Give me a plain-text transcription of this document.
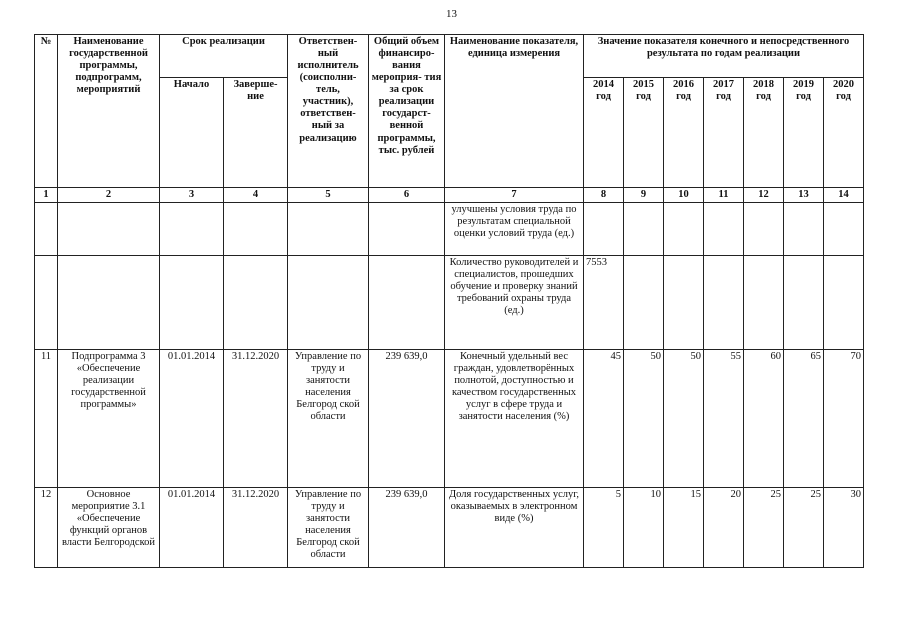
13
№	Наименование государственной программы, подпрограмм, мероприятий	Срок реализации		Ответствен- ный исполнитель (соисполни- тель, участник), ответствен- ный за реализацию	Общий объем финансиро- вания мероприя- тия за срок реализации государст- венной программы, тыс. рублей	Наименование показателя, единица измерения	Значение показателя конечного и непосредственного результата по годам реализации						
		Начало	Заверше- ние				2014 год	2015 год	2016 год	2017 год	2018 год	2019 год	2020 год
1	2	3	4	5	6	7	8	9	10	11	12	13	14
						улучшены условия труда по результатам специальной оценки условий труда (ед.)							
						Количество руководителей и специалистов, прошедших обучение и проверку знаний требований охраны труда (ед.)	7553						
11	Подпрограмма 3 «Обеспечение реализации государственной программы»	01.01.2014	31.12.2020	Управление по труду и занятости населения Белгород ской области	239 639,0	Конечный удельный вес граждан, удовлетворённых полнотой, доступностью и качеством государственных услуг в сфере труда и занятости населения (%)	45	50	50	55	60	65	70
12	Основное мероприятие 3.1 «Обеспечение функций органов власти Белгородской	01.01.2014	31.12.2020	Управление по труду и занятости населения Белгород ской области	239 639,0	Доля государственных услуг, оказываемых в электронном виде (%)	5	10	15	20	25	25	30
